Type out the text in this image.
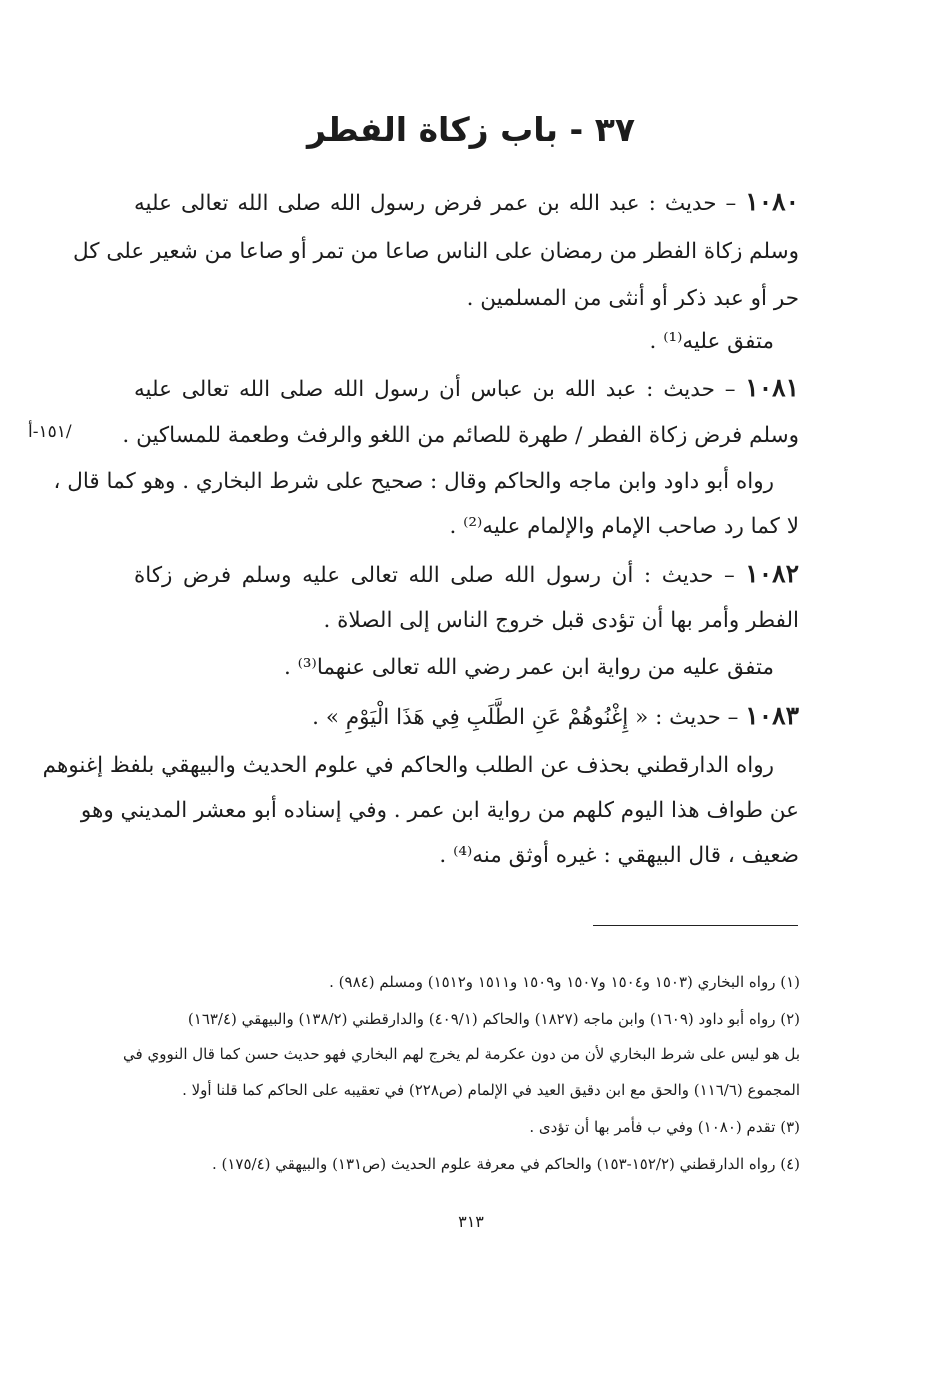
٣٧ - باب زكاة الفطر
١٠٨٠ – حديث : عبد الله بن عمر فرض رسول الله صلى الله تعالى عليه
وسلم زكاة الفطر من رمضان على الناس صاعا من تمر أو صاعا من شعير على كل
حر أو عبد ذكر أو أنثى من المسلمين .
متفق عليه⁽¹⁾ .
١٠٨١ – حديث : عبد الله بن عباس أن رسول الله صلى الله تعالى عليه
وسلم فرض زكاة الفطر / طهرة للصائم من اللغو والرفث وطعمة للمساكين .
/١٥١-أ
رواه أبو داود وابن ماجه والحاكم وقال : صحيح على شرط البخاري . وهو كما قال ،
لا كما رد صاحب الإمام والإلمام عليه⁽²⁾ .
١٠٨٢ – حديث : أن رسول الله صلى الله تعالى عليه وسلم فرض زكاة
الفطر وأمر بها أن تؤدى قبل خروج الناس إلى الصلاة .
متفق عليه من رواية ابن عمر رضي الله تعالى عنهما⁽³⁾ .
١٠٨٣ – حديث : « إِغْنُوهُمْ عَنِ الطَّلَبِ فِي هَذَا الْيَوْمِ » .
رواه الدارقطني بحذف عن الطلب والحاكم في علوم الحديث والبيهقي بلفظ إغنوهم
عن طواف هذا اليوم كلهم من رواية ابن عمر . وفي إسناده أبو معشر المديني وهو
ضعيف ، قال البيهقي : غيره أوثق منه⁽⁴⁾ .
(١) رواه البخاري (١٥٠٣ و١٥٠٤ و١٥٠٧ و١٥٠٩ و١٥١١ و١٥١٢) ومسلم (٩٨٤) .
(٢) رواه أبو داود (١٦٠٩) وابن ماجه (١٨٢٧) والحاكم (٤٠٩/١) والدارقطني (١٣٨/٢) والبيهقي (١٦٣/٤)
بل هو ليس على شرط البخاري لأن من دون عكرمة لم يخرج لهم البخاري فهو حديث حسن كما قال النووي في
المجموع (١١٦/٦) والحق مع ابن دقيق العيد في الإلمام (ص٢٢٨) في تعقيبه على الحاكم كما قلنا أولا .
(٣) تقدم (١٠٨٠) وفي ب فأمر بها أن تؤدى .
(٤) رواه الدارقطني (١٥٢/٢-١٥٣) والحاكم في معرفة علوم الحديث (ص١٣١) والبيهقي (١٧٥/٤) .
٣١٣
